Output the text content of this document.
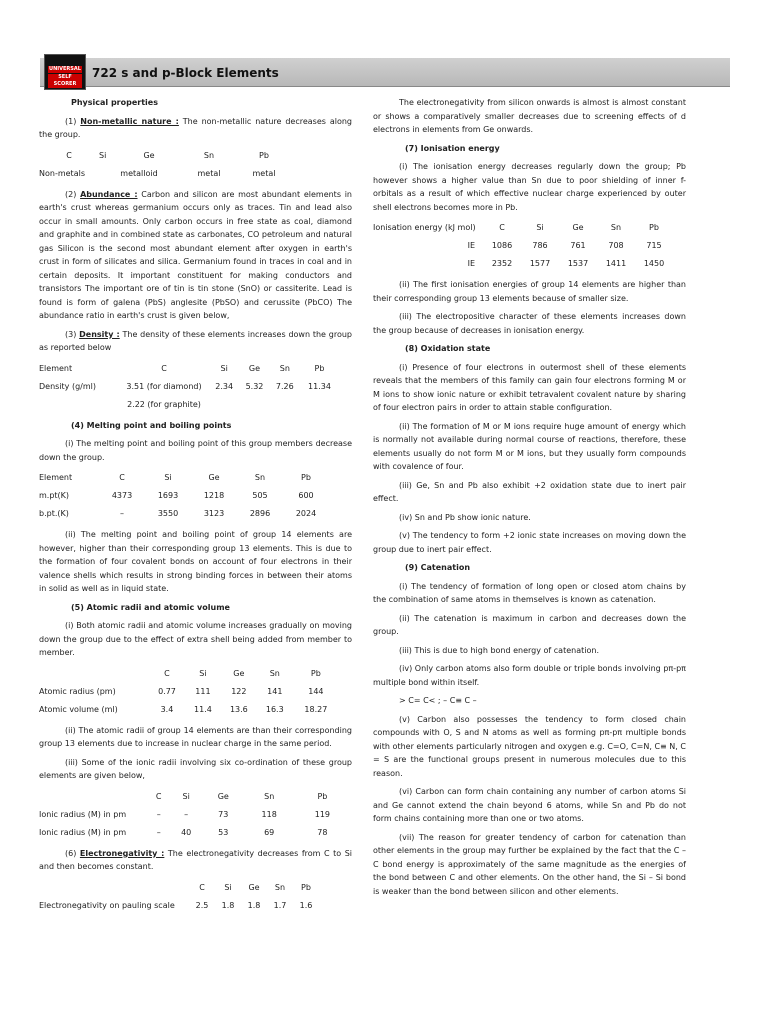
UNIVERSAL
SELF SCORER
722 s and p-Block Elements
Physical properties

(1) Non-metallic nature : The non-metallic nature decreases along the group.

C	Si	Ge	Sn	Pb
Non-metals	metalloid		metal	metal

(2) Abundance : Carbon and silicon are most abundant elements in earth's crust whereas germanium occurs only as traces. Tin and lead also occur in small amounts. Only carbon occurs in free state as coal, diamond and graphite and in combined state as carbonates, CO petroleum and natural gas Silicon is the second most abundant element after oxygen in earth's crust in form of silicates and silica. Germanium found in traces in coal and in certain deposits. It important constituent for making conductors and transistors The important ore of tin is tin stone (SnO) or cassiterite. Lead is found is form of galena (PbS) anglesite (PbSO) and cerussite (PbCO) The abundance ratio in earth's crust is given below,

(3) Density : The density of these elements increases down the group as reported below

Element	C	Si	Ge	Sn	Pb
Density (g/ml)	3.51 (for diamond)	2.34	5.32	7.26	11.34
	2.22 (for graphite)				
(4) Melting point and boiling points

(i) The melting point and boiling point of this group members decrease down the group.

Element	C	Si	Ge	Sn	Pb
m.pt(K)	4373	1693	1218	505	600
b.pt.(K)	–	3550	3123	2896	2024

(ii) The melting point and boiling point of group 14 elements are however, higher than their corresponding group 13 elements. This is due to the formation of four covalent bonds on account of four electrons in their valence shells which results in strong binding forces in between their atoms in solid as well as in liquid state.

(5) Atomic radii and atomic volume

(i) Both atomic radii and atomic volume increases gradually on moving down the group due to the effect of extra shell being added from member to member.

	C	Si	Ge	Sn	Pb
Atomic radius (pm)	0.77	111	122	141	144
Atomic volume (ml)	3.4	11.4	13.6	16.3	18.27

(ii) The atomic radii of group 14 elements are than their corresponding group 13 elements due to increase in nuclear charge in the same period.

(iii) Some of the ionic radii involving six co-ordination of these group elements are given below,

	C	Si	Ge	Sn	Pb
Ionic radius (M) in pm	–	–	73	118	119
Ionic radius (M) in pm	–	40	53	69	78

(6) Electronegativity : The electronegativity decreases from C to Si and then becomes constant.

	C	Si	Ge	Sn	Pb
Electronegativity on pauling scale	2.5	1.8	1.8	1.7	1.6

The electronegativity from silicon onwards is almost is almost constant or shows a comparatively smaller decreases due to screening effects of d electrons in elements from Ge onwards.

(7) Ionisation energy

(i) The ionisation energy decreases regularly down the group; Pb however shows a higher value than Sn due to poor shielding of inner f-orbitals as a result of which effective nuclear charge experienced by outer shell electrons becomes more in Pb.

Ionisation energy (kJ mol)	C	Si	Ge	Sn	Pb
IE	1086	786	761	708	715
IE	2352	1577	1537	1411	1450

(ii) The first ionisation energies of group 14 elements are higher than their corresponding group 13 elements because of smaller size.

(iii) The electropositive character of these elements increases down the group because of decreases in ionisation energy.

(8) Oxidation state

(i) Presence of four electrons in outermost shell of these elements reveals that the members of this family can gain four electrons forming M or M ions to show ionic nature or exhibit tetravalent covalent nature by sharing of four electron pairs in order to attain stable configuration.

(ii) The formation of M or M ions require huge amount of energy which is normally not available during normal course of reactions, therefore, these elements usually do not form M or M ions, but they usually form compounds with covalence of four.

(iii) Ge, Sn and Pb also exhibit +2 oxidation state due to inert pair effect.

(iv) Sn and Pb show ionic nature.

(v) The tendency to form +2 ionic state increases on moving down the group due to inert pair effect.

(9) Catenation

(i) The tendency of formation of long open or closed atom chains by the combination of same atoms in themselves is known as catenation.

(ii) The catenation is maximum in carbon and decreases down the group.

(iii) This is due to high bond energy of catenation.

(iv) Only carbon atoms also form double or triple bonds involving pπ-pπ multiple bond within itself.

> C= C< ; – C≡ C –

(v) Carbon also possesses the tendency to form closed chain compounds with O, S and N atoms as well as forming pπ-pπ multiple bonds with other elements particularly nitrogen and oxygen e.g. C=O, C=N, C≡ N, C = S are the functional groups present in numerous molecules due to this reason.

(vi) Carbon can form chain containing any number of carbon atoms Si and Ge cannot extend the chain beyond 6 atoms, while Sn and Pb do not form chains containing more than one or two atoms.

(vii) The reason for greater tendency of carbon for catenation than other elements in the group may further be explained by the fact that the C – C bond energy is approximately of the same magnitude as the energies of the bond between C and other elements. On the other hand, the Si – Si bond is weaker than the bond between silicon and other elements.
